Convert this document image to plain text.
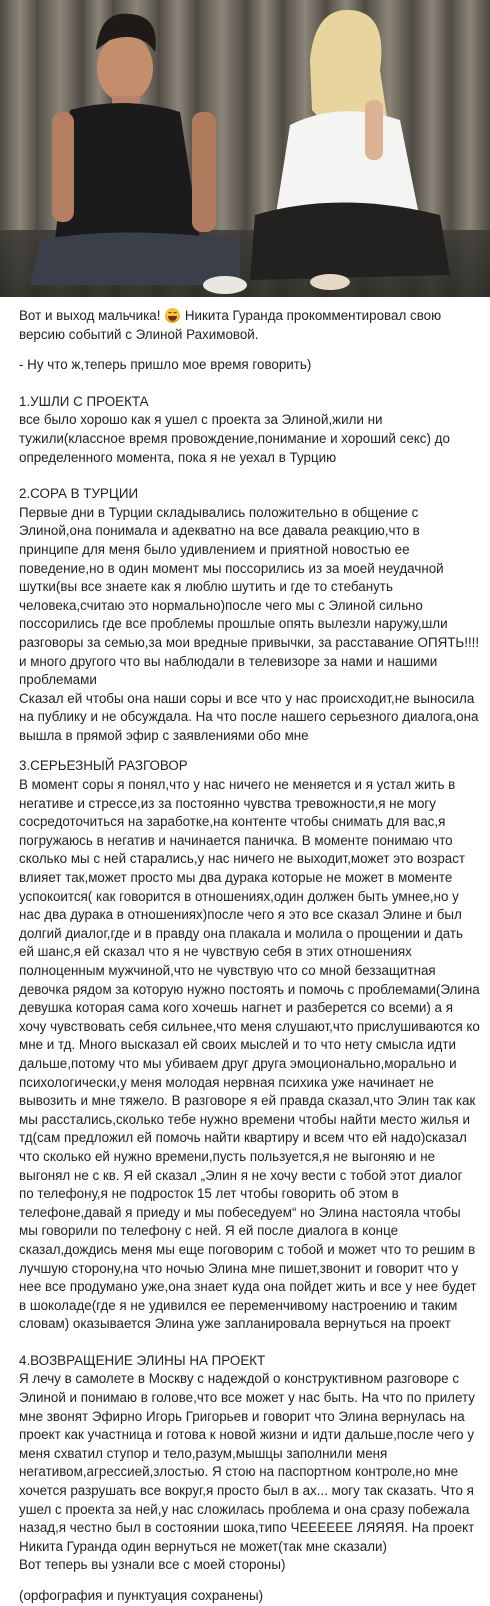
Вот и выход мальчика!
Никита Гуранда прокомментировал свою версию событий с Элиной Рахимовой.

- Ну что ж,теперь пришло мое время говорить)

1.УШЛИ С ПРОЕКТА

все было хорошо как я ушел с проекта за Элиной,жили ни тужили(классное время провождение,понимание и хороший секс) до определенного момента, пока я не уехал в Турцию

2.СОРА В ТУРЦИИ

Первые дни в Турции складывались положительно в общение с Элиной,она понимала и адекватно на все давала реакцию,что в принципе для меня было удивлением и приятной новостью ее поведение,но в один момент мы поссорились из за моей неудачной шутки(вы все знаете как я люблю шутить и где то стебануть человека,считаю это нормально)после чего мы с Элиной сильно поссорились где все проблемы прошлые опять вылезли наружу,шли разговоры за семью,за мои вредные привычки, за расставание ОПЯТЬ!!!! и много другого что вы наблюдали в телевизоре за нами и нашими проблемами
Сказал ей чтобы она наши соры и все что у нас происходит,не выносила на публику и не обсуждала. На что после нашего серьезного диалога,она вышла в прямой эфир с заявлениями обо мне

3.СЕРЬЕЗНЫЙ РАЗГОВОР

В момент соры я понял,что у нас ничего не меняется и я устал жить в негативе и стрессе,из за постоянно чувства тревожности,я не могу сосредоточиться на заработке,на контенте чтобы снимать для вас,я погружаюсь в негатив и начинается паничка. В моменте понимаю что сколько мы с ней старались,у нас ничего не выходит,может это возраст влияет так,может просто мы два дурака которые не может в моменте успокоится( как говорится в отношениях,один должен быть умнее,но у нас два дурака в отношениях)после чего я это все сказал Элине и был долгий диалог,где и в правду она плакала и молила о прощении и дать ей шанс,я ей сказал что я не чувствую себя в этих отношениях полноценным мужчиной,что не чувствую что со мной беззащитная девочка рядом за которую нужно постоять и помочь с проблемами(Элина девушка которая сама кого хочешь нагнет и разберется со всеми) а я хочу чувствовать себя сильнее,что меня слушают,что прислушиваются ко мне и тд. Много высказал ей своих мыслей и то что нету смысла идти дальше,потому что мы убиваем друг друга эмоционально,морально и психологически,у меня молодая нервная психика уже начинает не вывозить и мне тяжело. В разговоре я ей правда сказал,что Элин так как мы расстались,сколько тебе нужно времени чтобы найти место жилья и тд(сам предложил ей помочь найти квартиру и всем что ей надо)сказал что сколько ей нужно времени,пусть пользуется,я не выгоняю и не выгонял не с кв. Я ей сказал „Элин я не хочу вести с тобой этот диалог по телефону,я не подросток 15 лет чтобы говорить об этом в телефоне,давай я приеду и мы побеседуем“ но Элина настояла чтобы мы говорили по телефону с ней. Я ей после диалога в конце сказал,дождись меня мы еще поговорим с тобой и может что то решим в лучшую сторону,на что ночью Элина мне пишет,звонит и говорит что у нее все продумано уже,она знает куда она пойдет жить и все у нее будет в шоколаде(где я не удивился ее переменчивому настроению и таким словам) оказывается Элина уже запланировала вернуться на проект

4.ВОЗВРАЩЕНИЕ ЭЛИНЫ НА ПРОЕКТ

Я лечу в самолете в Москву с надеждой о конструктивном разговоре с Элиной и понимаю в голове,что все может у нас быть. На что по прилету мне звонят Эфирно Игорь Григорьев и говорит что Элина вернулась на проект как участница и готова к новой жизни и идти дальше,после чего у меня схватил ступор и тело,разум,мышцы заполнили меня негативом,агрессией,злостью. Я стою на паспортном контроле,но мне хочется разрушать все вокруг,я просто был в ах... могу так сказать. Что я ушел с проекта за ней,у нас сложилась проблема и она сразу побежала назад,я честно был в состоянии шока,типо ЧЕЕЕЕЕЕ ЛЯЯЯЯ. На проект Никита Гуранда один вернуться не может(так мне сказали)
Вот теперь вы узнали все с моей стороны)

(орфография и пунктуация сохранены)
